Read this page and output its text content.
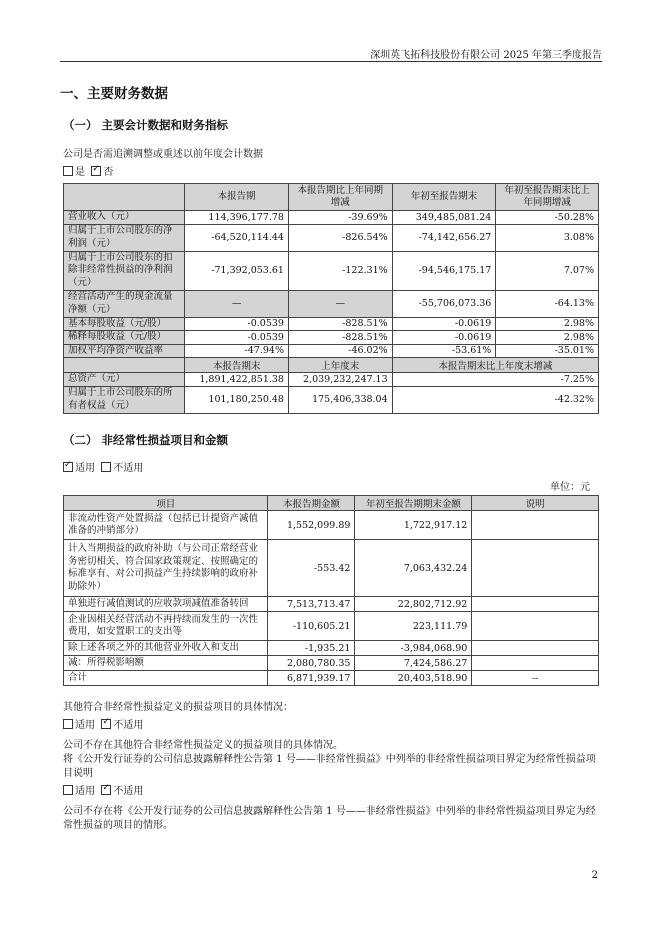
深圳英飞拓科技股份有限公司 2025 年第三季度报告
一、主要财务数据
（一） 主要会计数据和财务指标
公司是否需追溯调整或重述以前年度会计数据
是 ✓ 否
	本报告期	本报告期比上年同期增减	年初至报告期末	年初至报告期末比上年同期增减
营业收入（元）	114,396,177.78	-39.69%	349,485,081.24	-50.28%
归属于上市公司股东的净利润（元）	-64,520,114.44	-826.54%	-74,142,656.27	3.08%
归属于上市公司股东的扣除非经常性损益的净利润（元）	-71,392,053.61	-122.31%	-94,546,175.17	7.07%
经营活动产生的现金流量净额（元）	—	—	-55,706,073.36	-64.13%
基本每股收益（元/股）	-0.0539	-828.51%	-0.0619	2.98%
稀释每股收益（元/股）	-0.0539	-828.51%	-0.0619	2.98%
加权平均净资产收益率	-47.94%	-46.02%	-53.61%	-35.01%
	本报告期末	上年度末	本报告期末比上年度末增减	
总资产（元）	1,891,422,851.38	2,039,232,247.13	-7.25%	
归属于上市公司股东的所有者权益（元）	101,180,250.48	175,406,338.04	-42.32%	
（二） 非经常性损益项目和金额
✓适用 不适用
单位：元
项目	本报告期金额	年初至报告期期末金额	说明
非流动性资产处置损益（包括已计提资产减值准备的冲销部分）	1,552,099.89	1,722,917.12	
计入当期损益的政府补助（与公司正常经营业务密切相关、符合国家政策规定、按照确定的标准享有、对公司损益产生持续影响的政府补助除外）	-553.42	7,063,432.24	
单独进行减值测试的应收款项减值准备转回	7,513,713.47	22,802,712.92	
企业因相关经营活动不再持续而发生的一次性费用，如安置职工的支出等	-110,605.21	223,111.79	
除上述各项之外的其他营业外收入和支出	-1,935.21	-3,984,068.90	
减：所得税影响额	2,080,780.35	7,424,586.27	
合计	6,871,939.17	20,403,518.90	--
其他符合非经常性损益定义的损益项目的具体情况：
适用 ✓ 不适用
公司不存在其他符合非经常性损益定义的损益项目的具体情况。
将《公开发行证券的公司信息披露解释性公告第 1 号——非经常性损益》中列举的非经常性损益项目界定为经常性损益项目说明
适用 ✓ 不适用
公司不存在将《公开发行证券的公司信息披露解释性公告第 1 号——非经常性损益》中列举的非经常性损益项目界定为经常性损益的项目的情形。
2
